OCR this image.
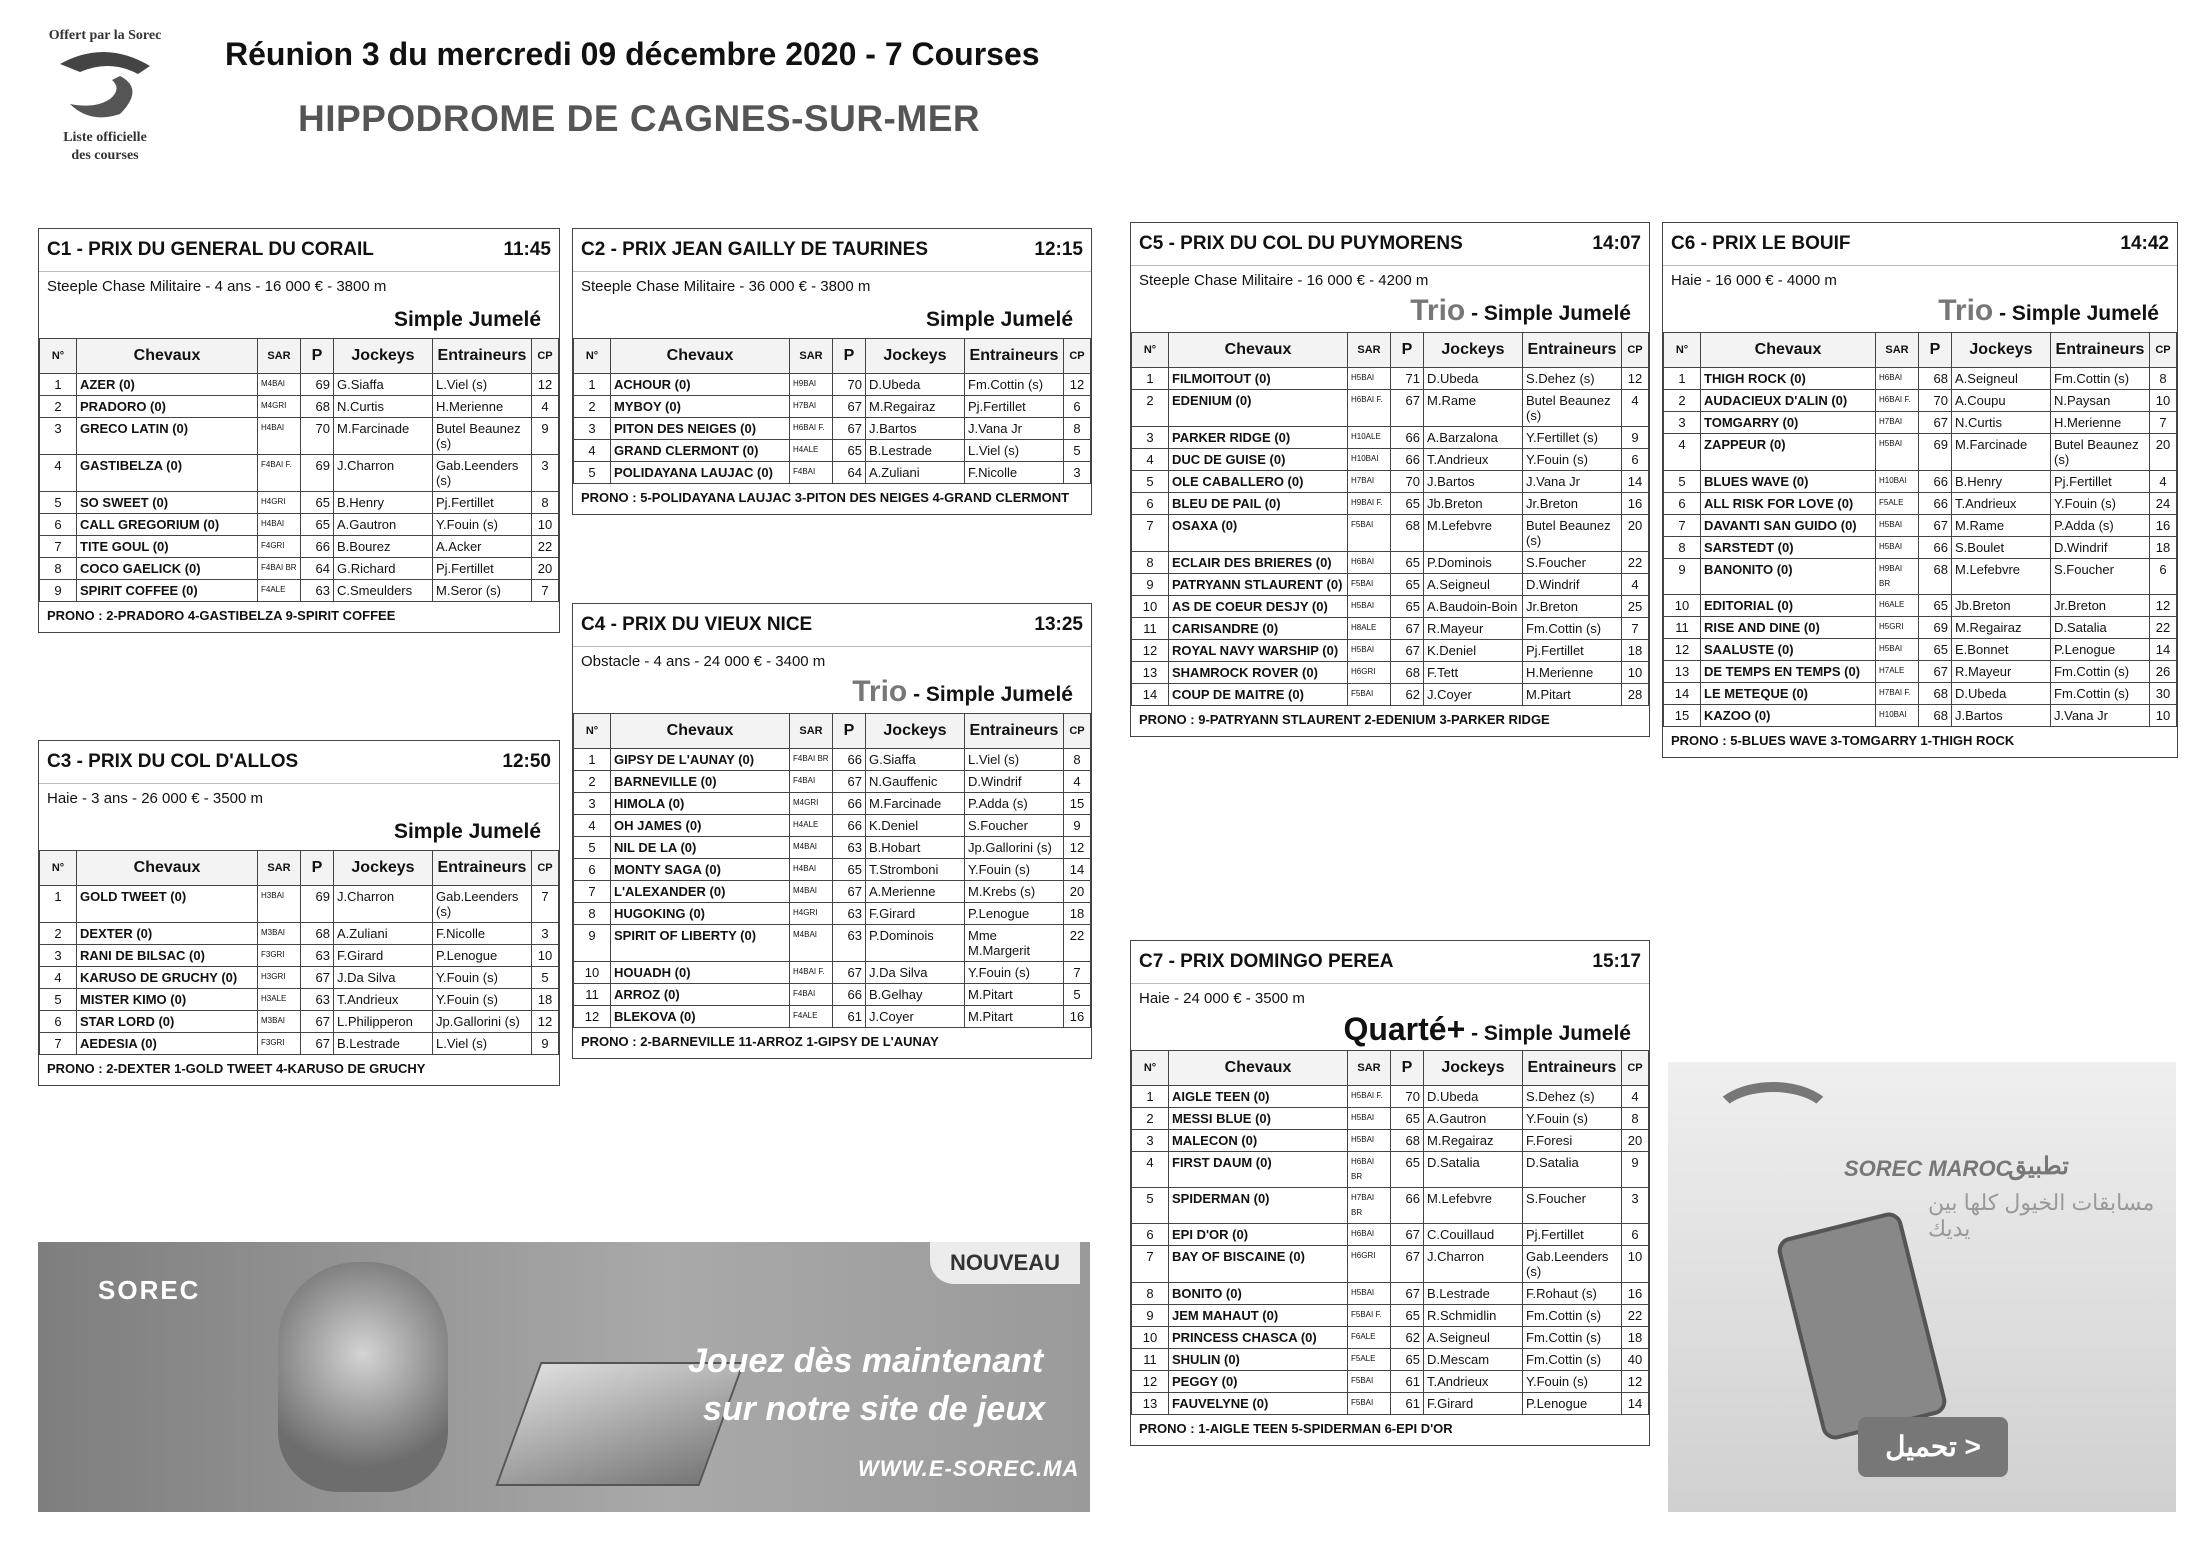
Offert par la Sorec
Liste officielle
des courses
Réunion 3 du mercredi 09 décembre 2020 - 7 Courses
HIPPODROME DE CAGNES-SUR-MER
C1 - PRIX DU GENERAL DU CORAIL	11:45
Steeple Chase Militaire - 4 ans - 16 000 € - 3800 m
Simple Jumelé
N°	Chevaux	SAR	P	Jockeys	Entraineurs	CP
1	AZER (0)	M4BAI	69	G.Siaffa	L.Viel (s)	12
2	PRADORO (0)	M4GRI	68	N.Curtis	H.Merienne	4
3	GRECO LATIN (0)	H4BAI	70	M.Farcinade	Butel Beaunez (s)	9
4	GASTIBELZA (0)	F4BAI F.	69	J.Charron	Gab.Leenders (s)	3
5	SO SWEET (0)	H4GRI	65	B.Henry	Pj.Fertillet	8
6	CALL GREGORIUM (0)	H4BAI	65	A.Gautron	Y.Fouin (s)	10
7	TITE GOUL (0)	F4GRI	66	B.Bourez	A.Acker	22
8	COCO GAELICK (0)	F4BAI BR	64	G.Richard	Pj.Fertillet	20
9	SPIRIT COFFEE (0)	F4ALE	63	C.Smeulders	M.Seror (s)	7
PRONO : 2-PRADORO 4-GASTIBELZA 9-SPIRIT COFFEE
C2 - PRIX JEAN GAILLY DE TAURINES	12:15
Steeple Chase Militaire - 36 000 € - 3800 m
Simple Jumelé
N°	Chevaux	SAR	P	Jockeys	Entraineurs	CP
1	ACHOUR (0)	H9BAI	70	D.Ubeda	Fm.Cottin (s)	12
2	MYBOY (0)	H7BAI	67	M.Regairaz	Pj.Fertillet	6
3	PITON DES NEIGES (0)	H6BAI F.	67	J.Bartos	J.Vana Jr	8
4	GRAND CLERMONT (0)	H4ALE	65	B.Lestrade	L.Viel (s)	5
5	POLIDAYANA LAUJAC (0)	F4BAI	64	A.Zuliani	F.Nicolle	3
PRONO : 5-POLIDAYANA LAUJAC 3-PITON DES NEIGES 4-GRAND CLERMONT
C3 - PRIX DU COL D'ALLOS	12:50
Haie - 3 ans - 26 000 € - 3500 m
Simple Jumelé
N°	Chevaux	SAR	P	Jockeys	Entraineurs	CP
1	GOLD TWEET (0)	H3BAI	69	J.Charron	Gab.Leenders (s)	7
2	DEXTER (0)	M3BAI	68	A.Zuliani	F.Nicolle	3
3	RANI DE BILSAC (0)	F3GRI	63	F.Girard	P.Lenogue	10
4	KARUSO DE GRUCHY (0)	H3GRI	67	J.Da Silva	Y.Fouin (s)	5
5	MISTER KIMO (0)	H3ALE	63	T.Andrieux	Y.Fouin (s)	18
6	STAR LORD (0)	M3BAI	67	L.Philipperon	Jp.Gallorini (s)	12
7	AEDESIA (0)	F3GRI	67	B.Lestrade	L.Viel (s)	9
PRONO : 2-DEXTER 1-GOLD TWEET 4-KARUSO DE GRUCHY
C4 - PRIX DU VIEUX NICE	13:25
Obstacle - 4 ans - 24 000 € - 3400 m
Trio - Simple Jumelé
N°	Chevaux	SAR	P	Jockeys	Entraineurs	CP
1	GIPSY DE L'AUNAY (0)	F4BAI BR	66	G.Siaffa	L.Viel (s)	8
2	BARNEVILLE (0)	F4BAI	67	N.Gauffenic	D.Windrif	4
3	HIMOLA (0)	M4GRI	66	M.Farcinade	P.Adda (s)	15
4	OH JAMES (0)	H4ALE	66	K.Deniel	S.Foucher	9
5	NIL DE LA (0)	M4BAI	63	B.Hobart	Jp.Gallorini (s)	12
6	MONTY SAGA (0)	H4BAI	65	T.Stromboni	Y.Fouin (s)	14
7	L'ALEXANDER (0)	M4BAI	67	A.Merienne	M.Krebs (s)	20
8	HUGOKING (0)	H4GRI	63	F.Girard	P.Lenogue	18
9	SPIRIT OF LIBERTY (0)	M4BAI	63	P.Dominois	Mme M.Margerit	22
10	HOUADH (0)	H4BAI F.	67	J.Da Silva	Y.Fouin (s)	7
11	ARROZ (0)	F4BAI	66	B.Gelhay	M.Pitart	5
12	BLEKOVA (0)	F4ALE	61	J.Coyer	M.Pitart	16
PRONO : 2-BARNEVILLE 11-ARROZ 1-GIPSY DE L'AUNAY
C5 - PRIX DU COL DU PUYMORENS	14:07
Steeple Chase Militaire - 16 000 € - 4200 m
Trio - Simple Jumelé
N°	Chevaux	SAR	P	Jockeys	Entraineurs	CP
1	FILMOITOUT (0)	H5BAI	71	D.Ubeda	S.Dehez (s)	12
2	EDENIUM (0)	H6BAI F.	67	M.Rame	Butel Beaunez (s)	4
3	PARKER RIDGE (0)	H10ALE	66	A.Barzalona	Y.Fertillet (s)	9
4	DUC DE GUISE (0)	H10BAI	66	T.Andrieux	Y.Fouin (s)	6
5	OLE CABALLERO (0)	H7BAI	70	J.Bartos	J.Vana Jr	14
6	BLEU DE PAIL (0)	H9BAI F.	65	Jb.Breton	Jr.Breton	16
7	OSAXA (0)	F5BAI	68	M.Lefebvre	Butel Beaunez (s)	20
8	ECLAIR DES BRIERES (0)	H6BAI	65	P.Dominois	S.Foucher	22
9	PATRYANN STLAURENT (0)	F5BAI	65	A.Seigneul	D.Windrif	4
10	AS DE COEUR DESJY (0)	H5BAI	65	A.Baudoin-Boin	Jr.Breton	25
11	CARISANDRE (0)	H8ALE	67	R.Mayeur	Fm.Cottin (s)	7
12	ROYAL NAVY WARSHIP (0)	H5BAI	67	K.Deniel	Pj.Fertillet	18
13	SHAMROCK ROVER (0)	H6GRI	68	F.Tett	H.Merienne	10
14	COUP DE MAITRE (0)	F5BAI	62	J.Coyer	M.Pitart	28
PRONO : 9-PATRYANN STLAURENT 2-EDENIUM 3-PARKER RIDGE
C6 - PRIX LE BOUIF	14:42
Haie - 16 000 € - 4000 m
Trio - Simple Jumelé
N°	Chevaux	SAR	P	Jockeys	Entraineurs	CP
1	THIGH ROCK (0)	H6BAI	68	A.Seigneul	Fm.Cottin (s)	8
2	AUDACIEUX D'ALIN (0)	H6BAI F.	70	A.Coupu	N.Paysan	10
3	TOMGARRY (0)	H7BAI	67	N.Curtis	H.Merienne	7
4	ZAPPEUR (0)	H5BAI	69	M.Farcinade	Butel Beaunez (s)	20
5	BLUES WAVE (0)	H10BAI	66	B.Henry	Pj.Fertillet	4
6	ALL RISK FOR LOVE (0)	F5ALE	66	T.Andrieux	Y.Fouin (s)	24
7	DAVANTI SAN GUIDO (0)	H5BAI	67	M.Rame	P.Adda (s)	16
8	SARSTEDT (0)	H5BAI	66	S.Boulet	D.Windrif	18
9	BANONITO (0)	H9BAI BR	68	M.Lefebvre	S.Foucher	6
10	EDITORIAL (0)	H6ALE	65	Jb.Breton	Jr.Breton	12
11	RISE AND DINE (0)	H5GRI	69	M.Regairaz	D.Satalia	22
12	SAALUSTE (0)	H5BAI	65	E.Bonnet	P.Lenogue	14
13	DE TEMPS EN TEMPS (0)	H7ALE	67	R.Mayeur	Fm.Cottin (s)	26
14	LE METEQUE (0)	H7BAI F.	68	D.Ubeda	Fm.Cottin (s)	30
15	KAZOO (0)	H10BAI	68	J.Bartos	J.Vana Jr	10
PRONO : 5-BLUES WAVE 3-TOMGARRY 1-THIGH ROCK
C7 - PRIX DOMINGO PEREA	15:17
Haie - 24 000 € - 3500 m
Quarté+ - Simple Jumelé
N°	Chevaux	SAR	P	Jockeys	Entraineurs	CP
1	AIGLE TEEN (0)	H5BAI F.	70	D.Ubeda	S.Dehez (s)	4
2	MESSI BLUE (0)	H5BAI	65	A.Gautron	Y.Fouin (s)	8
3	MALECON (0)	H5BAI	68	M.Regairaz	F.Foresi	20
4	FIRST DAUM (0)	H6BAI BR	65	D.Satalia	D.Satalia	9
5	SPIDERMAN (0)	H7BAI BR	66	M.Lefebvre	S.Foucher	3
6	EPI D'OR (0)	H6BAI	67	C.Couillaud	Pj.Fertillet	6
7	BAY OF BISCAINE (0)	H6GRI	67	J.Charron	Gab.Leenders (s)	10
8	BONITO (0)	H5BAI	67	B.Lestrade	F.Rohaut (s)	16
9	JEM MAHAUT (0)	F5BAI F.	65	R.Schmidlin	Fm.Cottin (s)	22
10	PRINCESS CHASCA (0)	F6ALE	62	A.Seigneul	Fm.Cottin (s)	18
11	SHULIN (0)	F5ALE	65	D.Mescam	Fm.Cottin (s)	40
12	PEGGY (0)	F5BAI	61	T.Andrieux	Y.Fouin (s)	12
13	FAUVELYNE (0)	F5BAI	61	F.Girard	P.Lenogue	14
PRONO : 1-AIGLE TEEN 5-SPIDERMAN 6-EPI D'OR
SOREC
NOUVEAU
Jouez dès maintenant
sur notre site de jeux
WWW.E-SOREC.MA
SOREC MAROC
تطبيق
مسابقات الخيول كلها بين يديك
تحميل >
